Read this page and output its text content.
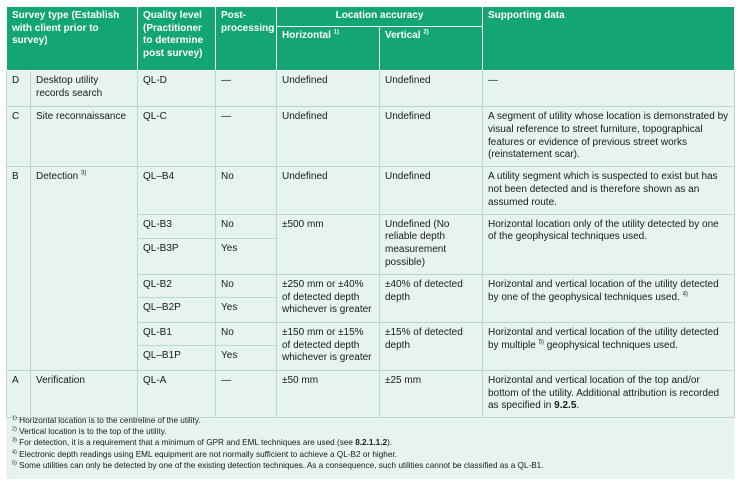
Survey type (Establish with client prior to survey)		Quality level (Practitioner to determine post survey)	Post-processing	Location accuracy		Supporting data
				Horizontal $^{1)}$	Vertical $^{2)}$
D	Desktop utility records search	QL-D	—	Undefined	Undefined	—
C	Site reconnaissance	QL-C	—	Undefined	Undefined	A segment of utility whose location is demonstrated by visual reference to street furniture, topographical features or evidence of previous street works (reinstatement scar).
B	Detection $^{3)}$	QL–B4	No	Undefined	Undefined	A utility segment which is suspected to exist but has not been detected and is therefore shown as an assumed route.
		QL-B3	No	±500 mm	Undefined (No reliable depth measurement possible)	Horizontal location only of the utility detected by one of the geophysical techniques used.
		QL-B3P	Yes			
		QL-B2	No	±250 mm or ±40% of detected depth whichever is greater	±40% of detected depth	Horizontal and vertical location of the utility detected by one of the geophysical techniques used. $^{4)}$
		QL–B2P	Yes			
		QL-B1	No	±150 mm or ±15% of detected depth whichever is greater	±15% of detected depth	Horizontal and vertical location of the utility detected by multiple $^{5)}$ geophysical techniques used.
		QL–B1P	Yes			
A	Verification	QL-A	—	±50 mm	±25 mm	Horizontal and vertical location of the top and/or bottom of the utility. Additional attribution is recorded as specified in 9.2.5.
$^{1)}$ Horizontal location is to the centreline of the utility.
$^{2)}$ Vertical location is to the top of the utility.
$^{3)}$ For detection, it is a requirement that a minimum of GPR and EML techniques are used (see 8.2.1.1.2).
$^{4)}$ Electronic depth readings using EML equipment are not normally sufficient to achieve a QL-B2 or higher.
$^{5)}$ Some utilities can only be detected by one of the existing detection techniques. As a consequence, such utilities cannot be classified as a QL-B1.
